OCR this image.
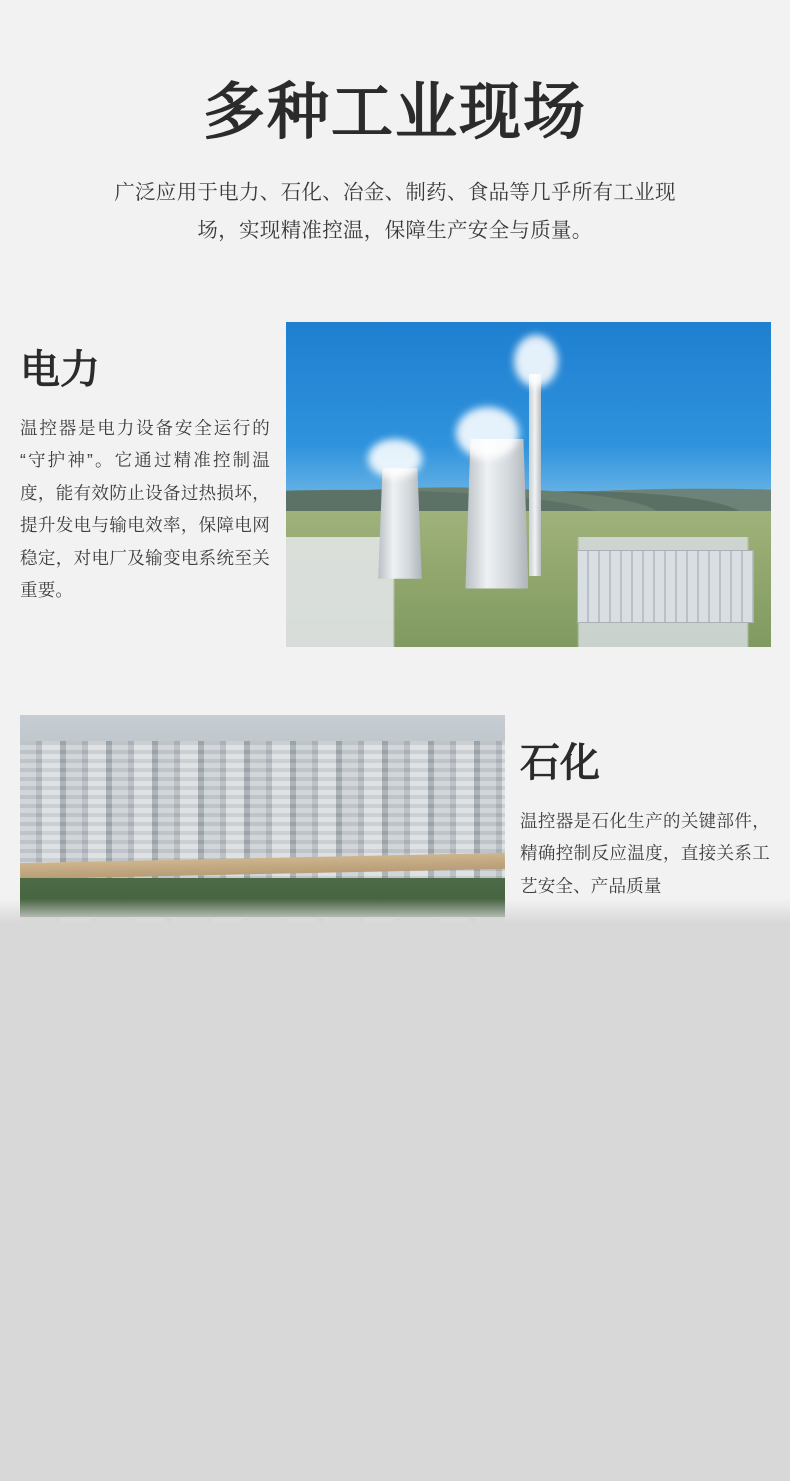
多种工业现场

广泛应用于电力、石化、冶金、制药、食品等几乎所有工业现场，实现精准控温，保障生产安全与质量。

电力

温控器是电力设备安全运行的“守护神”。它通过精准控制温度，能有效防止设备过热损坏，提升发电与输电效率，保障电网稳定，对电厂及输变电系统至关重要。

石化

温控器是石化生产的关键部件，精确控制反应温度，直接关系工艺安全、产品质量
